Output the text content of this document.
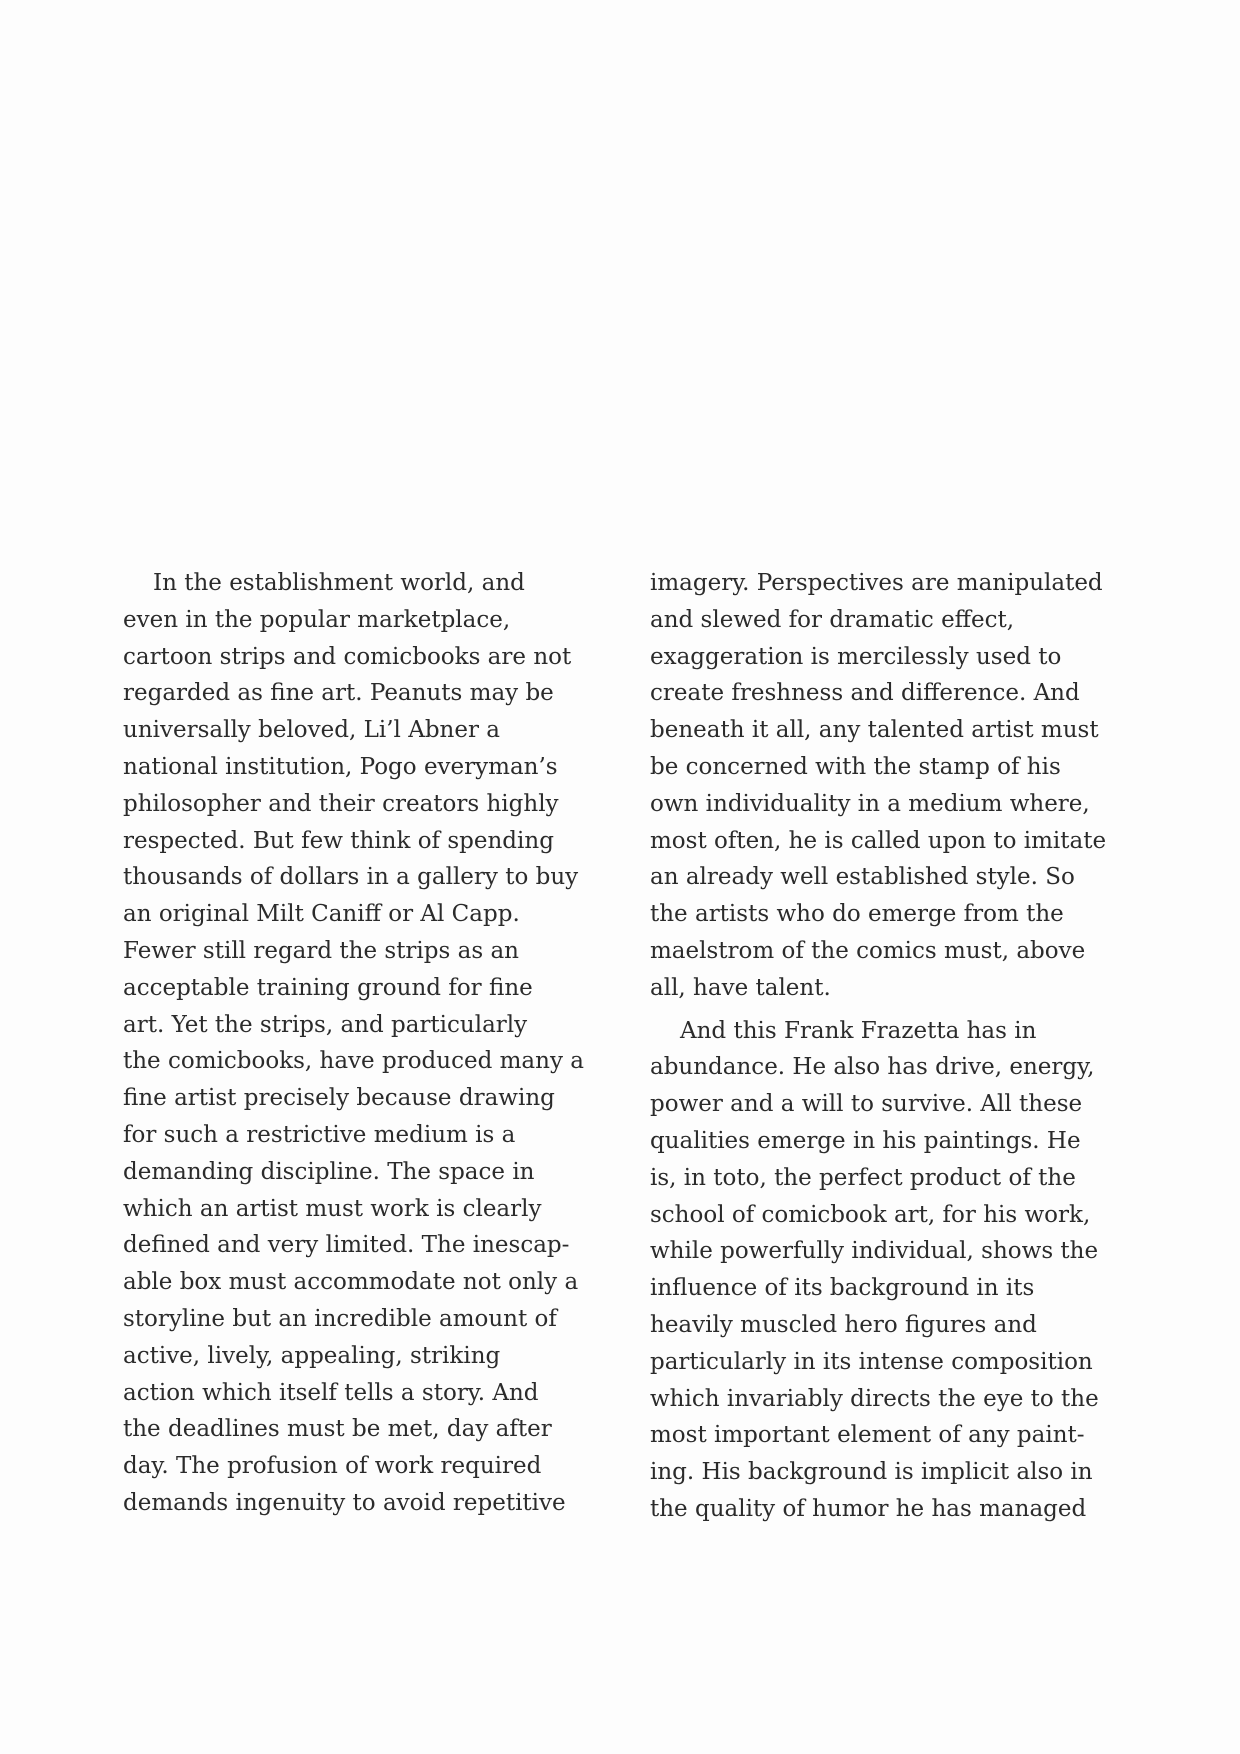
In the establishment world, and
even in the popular marketplace,
cartoon strips and comicbooks are not
regarded as fine art. Peanuts may be
universally beloved, Li’l Abner a
national institution, Pogo everyman’s
philosopher and their creators highly
respected. But few think of spending
thousands of dollars in a gallery to buy
an original Milt Caniff or Al Capp.
Fewer still regard the strips as an
acceptable training ground for fine
art. Yet the strips, and particularly
the comicbooks, have produced many a
fine artist precisely because drawing
for such a restrictive medium is a
demanding discipline. The space in
which an artist must work is clearly
defined and very limited. The inescap-
able box must accommodate not only a
storyline but an incredible amount of
active, lively, appealing, striking
action which itself tells a story. And
the deadlines must be met, day after
day. The profusion of work required
demands ingenuity to avoid repetitive
imagery. Perspectives are manipulated
and slewed for dramatic effect,
exaggeration is mercilessly used to
create freshness and difference. And
beneath it all, any talented artist must
be concerned with the stamp of his
own individuality in a medium where,
most often, he is called upon to imitate
an already well established style. So
the artists who do emerge from the
maelstrom of the comics must, above
all, have talent.
And this Frank Frazetta has in
abundance. He also has drive, energy,
power and a will to survive. All these
qualities emerge in his paintings. He
is, in toto, the perfect product of the
school of comicbook art, for his work,
while powerfully individual, shows the
influence of its background in its
heavily muscled hero figures and
particularly in its intense composition
which invariably directs the eye to the
most important element of any paint-
ing. His background is implicit also in
the quality of humor he has managed
